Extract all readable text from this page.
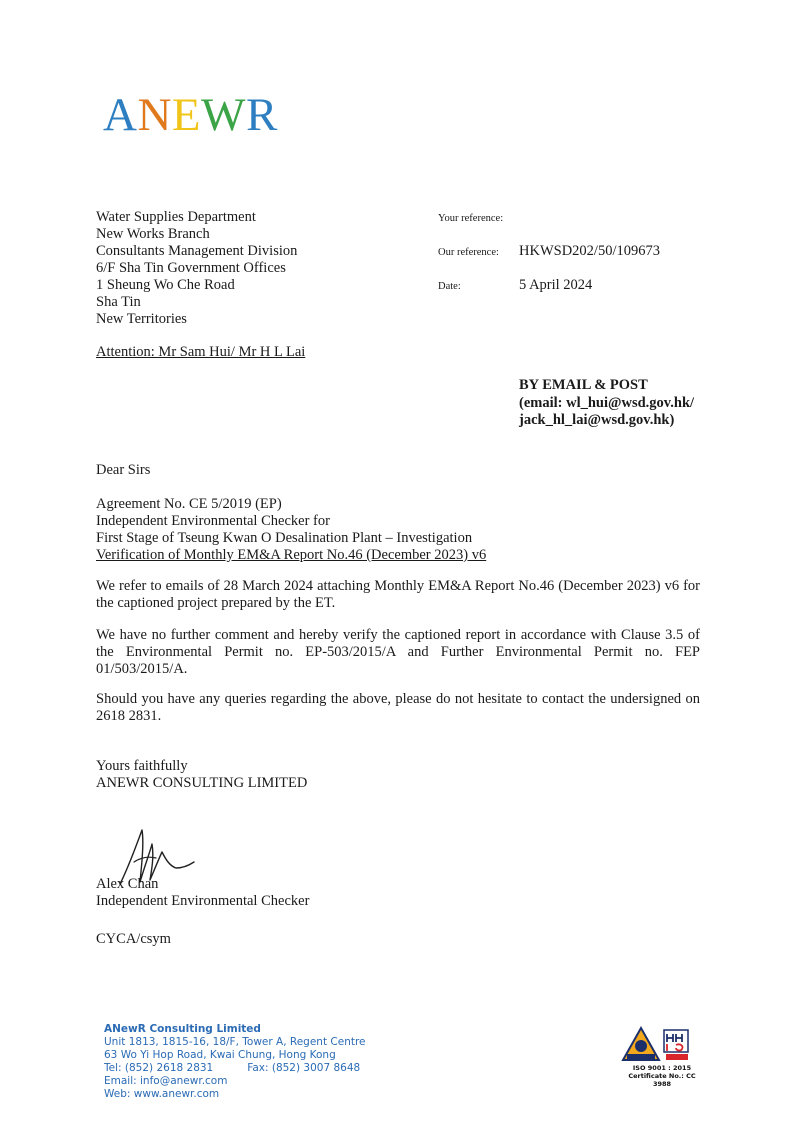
ANEWR
Water Supplies Department
New Works Branch
Consultants Management Division
6/F Sha Tin Government Offices
1 Sheung Wo Che Road
Sha Tin
New Territories
Your reference:
Our reference: HKWSD202/50/109673
Date:	5 April 2024
Attention: Mr Sam Hui/ Mr H L Lai
BY EMAIL & POST
(email: wl_hui@wsd.gov.hk/
jack_hl_lai@wsd.gov.hk)
Dear Sirs
Agreement No. CE 5/2019 (EP)
Independent Environmental Checker for
First Stage of Tseung Kwan O Desalination Plant – Investigation
Verification of Monthly EM&A Report No.46 (December 2023) v6
We refer to emails of 28 March 2024 attaching Monthly EM&A Report No.46 (December 2023) v6 for the captioned project prepared by the ET.
We have no further comment and hereby verify the captioned report in accordance with Clause 3.5 of the Environmental Permit no. EP-503/2015/A and Further Environmental Permit no. FEP 01/503/2015/A.
Should you have any queries regarding the above, please do not hesitate to contact the undersigned on 2618 2831.
Yours faithfully
ANEWR CONSULTING LIMITED
Alex Chan
Independent Environmental Checker
CYCA/csym
ANewR Consulting Limited
Unit 1813, 1815-16, 18/F, Tower A, Regent Centre
63 Wo Yi Hop Road, Kwai Chung, Hong Kong
Tel: (852) 2618 2831	Fax: (852) 3007 8648
Email: info@anewr.com
Web: www.anewr.com
ISO 9001 : 2015
Certificate No.: CC 3988
